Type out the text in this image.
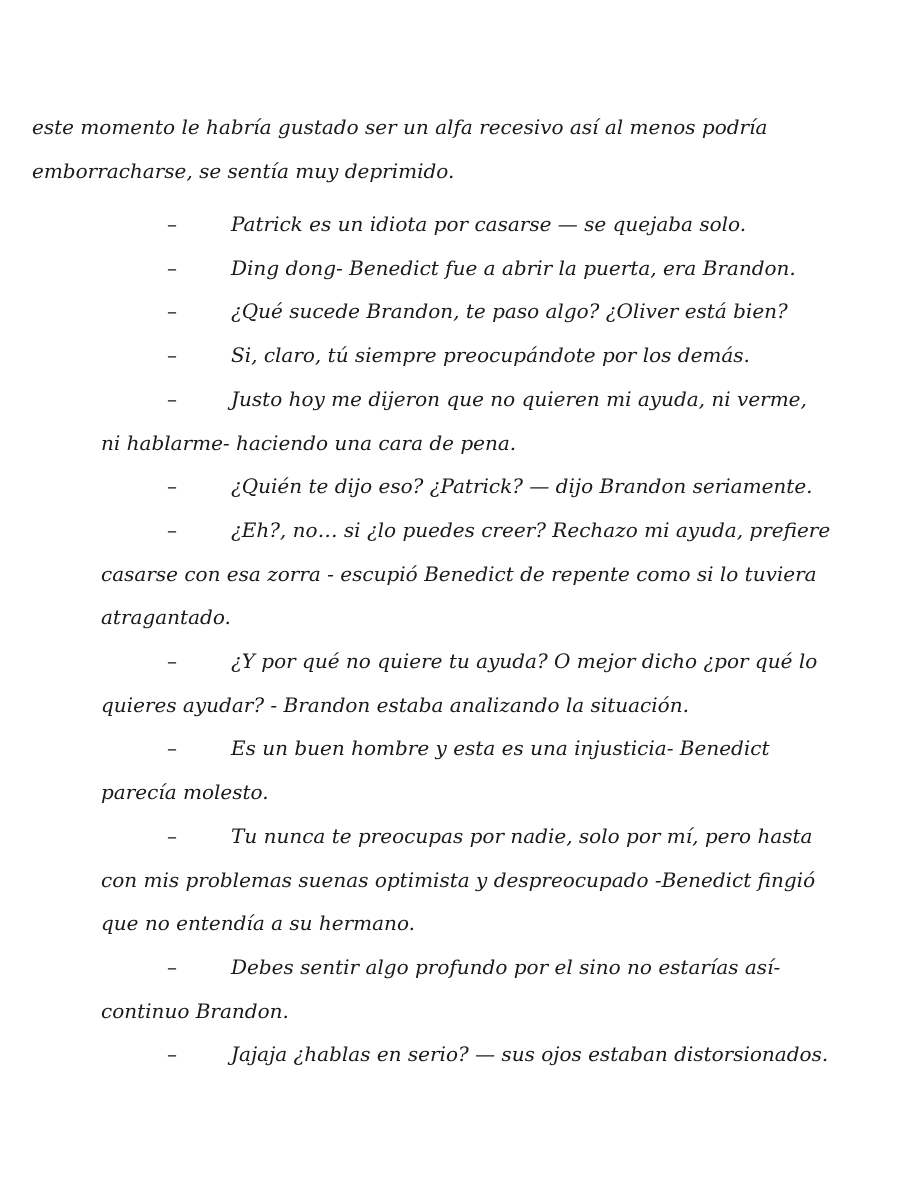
este momento le habría gustado ser un alfa recesivo así al menos podría
emborracharse, se sentía muy deprimido.
–	Patrick es un idiota por casarse — se quejaba solo.
–	Ding dong- Benedict fue a abrir la puerta, era Brandon.
–	¿Qué sucede Brandon, te paso algo? ¿Oliver está bien?
–	Si, claro, tú siempre preocupándote por los demás.
–	Justo hoy me dijeron que no quieren mi ayuda, ni verme,
ni hablarme- haciendo una cara de pena.
–	¿Quién te dijo eso? ¿Patrick? — dijo Brandon seriamente.
–	¿Eh?, no… si ¿lo puedes creer? Rechazo mi ayuda, prefiere
casarse con esa zorra - escupió Benedict de repente como si lo tuviera
atragantado.
–	¿Y por qué no quiere tu ayuda? O mejor dicho ¿por qué lo
quieres ayudar? - Brandon estaba analizando la situación.
–	Es un buen hombre y esta es una injusticia- Benedict
parecía molesto.
–	Tu nunca te preocupas por nadie, solo por mí, pero hasta
con mis problemas suenas optimista y despreocupado -Benedict fingió
que no entendía a su hermano.
–	Debes sentir algo profundo por el sino no estarías así-
continuo Brandon.
–	Jajaja ¿hablas en serio? — sus ojos estaban distorsionados.
